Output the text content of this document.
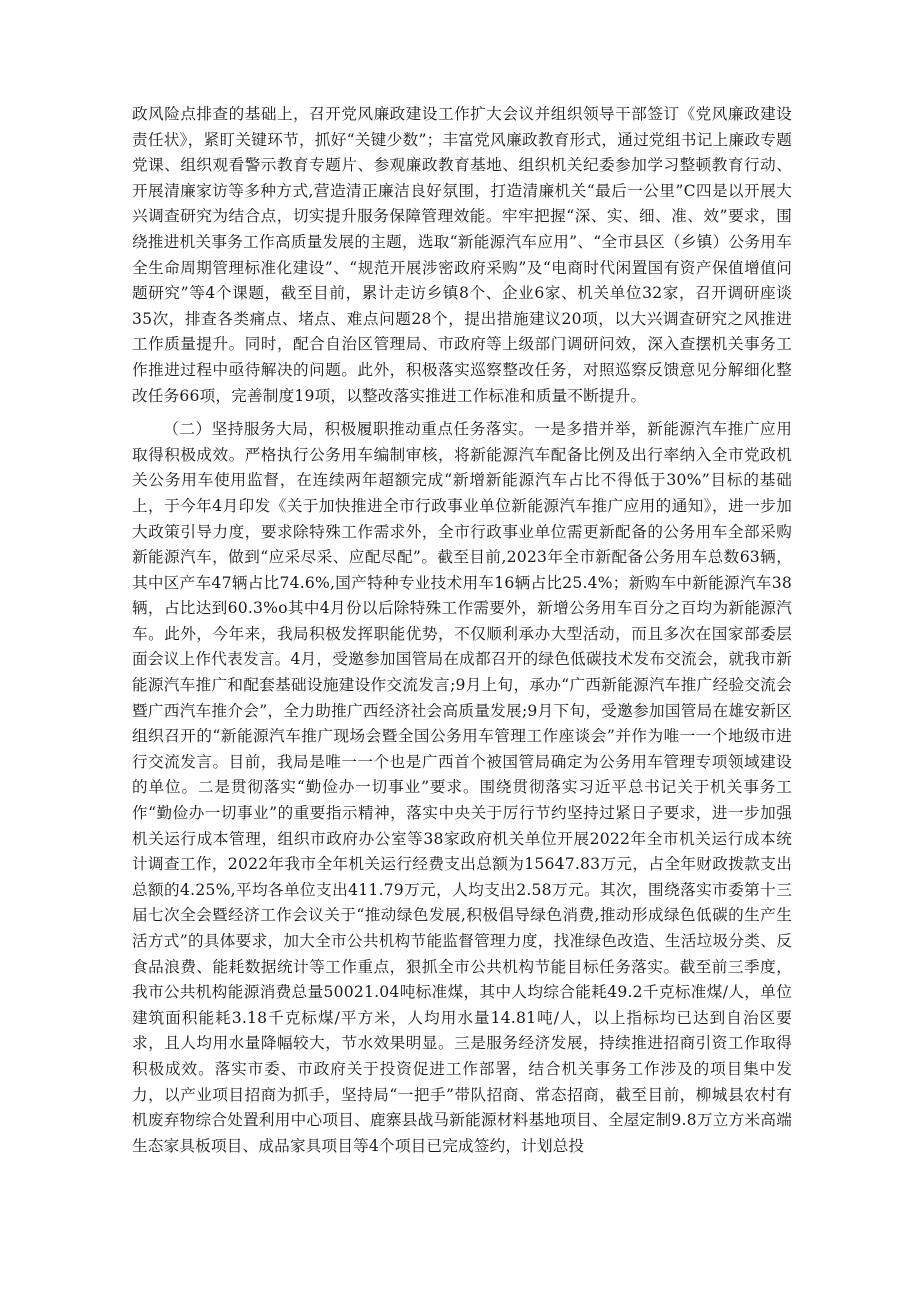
政风险点排查的基础上，召开党风廉政建设工作扩大会议并组织领导干部签订《党风廉政建设责任状》，紧盯关键环节，抓好“关键少数”；丰富党风廉政教育形式，通过党组书记上廉政专题党课、组织观看警示教育专题片、参观廉政教育基地、组织机关纪委参加学习整顿教育行动、开展清廉家访等多种方式,营造清正廉洁良好氛围，打造清廉机关“最后一公里”C四是以开展大兴调查研究为结合点，切实提升服务保障管理效能。牢牢把握“深、实、细、准、效”要求，围绕推进机关事务工作高质量发展的主题，选取“新能源汽车应用”、“全市县区（乡镇）公务用车全生命周期管理标准化建设”、“规范开展涉密政府采购”及“电商时代闲置国有资产保值增值问题研究”等4个课题，截至目前，累计走访乡镇8个、企业6家、机关单位32家，召开调研座谈35次，排查各类痛点、堵点、难点问题28个，提出措施建议20项，以大兴调查研究之风推进工作质量提升。同时，配合自治区管理局、市政府等上级部门调研问效，深入查摆机关事务工作推进过程中亟待解决的问题。此外，积极落实巡察整改任务，对照巡察反馈意见分解细化整改任务66项，完善制度19项，以整改落实推进工作标准和质量不断提升。

（二）坚持服务大局，积极履职推动重点任务落实。一是多措并举，新能源汽车推广应用取得积极成效。严格执行公务用车编制审核，将新能源汽车配备比例及出行率纳入全市党政机关公务用车使用监督，在连续两年超额完成“新增新能源汽车占比不得低于30%”目标的基础上，于今年4月印发《关于加快推进全市行政事业单位新能源汽车推广应用的通知》，进一步加大政策引导力度，要求除特殊工作需求外，全市行政事业单位需更新配备的公务用车全部采购新能源汽车，做到“应采尽采、应配尽配”。截至目前,2023年全市新配备公务用车总数63辆，其中区产车47辆占比74.6%,国产特种专业技术用车16辆占比25.4%；新购车中新能源汽车38辆，占比达到60.3%o其中4月份以后除特殊工作需要外，新增公务用车百分之百均为新能源汽车。此外，今年来，我局积极发挥职能优势，不仅顺利承办大型活动，而且多次在国家部委层面会议上作代表发言。4月，受邀参加国管局在成都召开的绿色低碳技术发布交流会，就我市新能源汽车推广和配套基础设施建设作交流发言;9月上旬，承办“广西新能源汽车推广经验交流会暨广西汽车推介会”，全力助推广西经济社会高质量发展;9月下旬，受邀参加国管局在雄安新区组织召开的“新能源汽车推广现场会暨全国公务用车管理工作座谈会”并作为唯一一个地级市进行交流发言。目前，我局是唯一一个也是广西首个被国管局确定为公务用车管理专项领域建设的单位。二是贯彻落实“勤俭办一切事业”要求。围绕贯彻落实习近平总书记关于机关事务工作“勤俭办一切事业”的重要指示精神，落实中央关于厉行节约坚持过紧日子要求，进一步加强机关运行成本管理，组织市政府办公室等38家政府机关单位开展2022年全市机关运行成本统计调查工作，2022年我市全年机关运行经费支出总额为15647.83万元，占全年财政拨款支出总额的4.25%,平均各单位支出411.79万元，人均支出2.58万元。其次，围绕落实市委第十三届七次全会暨经济工作会议关于“推动绿色发展,积极倡导绿色消费,推动形成绿色低碳的生产生活方式”的具体要求，加大全市公共机构节能监督管理力度，找准绿色改造、生活垃圾分类、反食品浪费、能耗数据统计等工作重点，狠抓全市公共机构节能目标任务落实。截至前三季度，我市公共机构能源消费总量50021.04吨标准煤，其中人均综合能耗49.2千克标准煤/人，单位建筑面积能耗3.18千克标煤/平方米，人均用水量14.81吨/人，以上指标均已达到自治区要求，且人均用水量降幅较大，节水效果明显。三是服务经济发展，持续推进招商引资工作取得积极成效。落实市委、市政府关于投资促进工作部署，结合机关事务工作涉及的项目集中发力，以产业项目招商为抓手，坚持局“一把手”带队招商、常态招商，截至目前，柳城县农村有机废弃物综合处置利用中心项目、鹿寨县战马新能源材料基地项目、全屋定制9.8万立方米高端生态家具板项目、成品家具项目等4个项目已完成签约，计划总投
